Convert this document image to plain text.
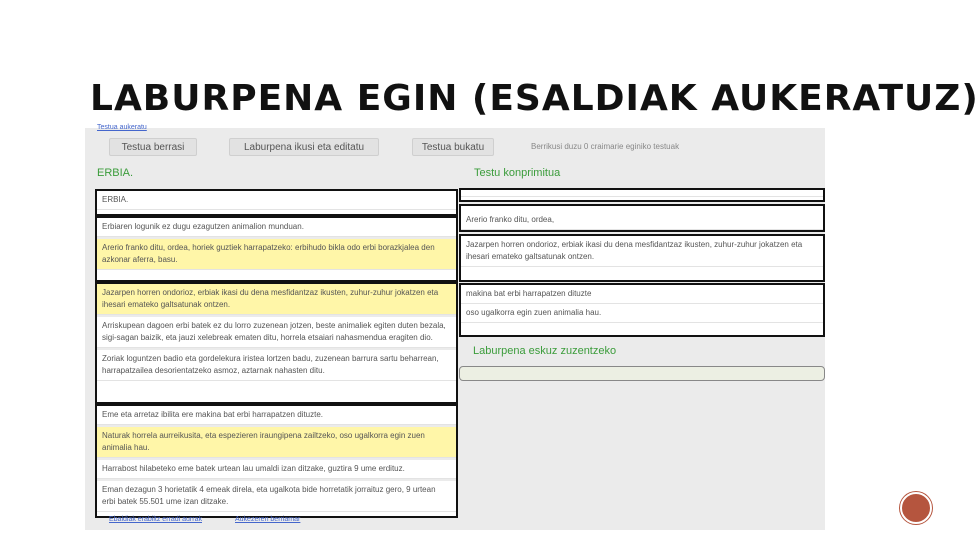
LABURPENA EGIN (ESALDIAK AUKERATUZ)
Testua aukeratu
Testua berrasi	Laburpena ikusi eta editatu	Testua bukatu	Berrikusi duzu 0 craimarie eginiko testuak
ERBIA.	Testu konprimitua
ERBIA.
Erbiaren logunik ez dugu ezagutzen animalion munduan.
Arerio franko ditu, ordea, horiek guztiek harrapatzeko: erbihudo bikla odo erbi borazkjalea den azkonar aferra, basu.
Jazarpen horren ondorioz, erbiak ikasi du dena mesfidantzaz ikusten, zuhur-zuhur jokatzen eta ihesari emateko galtsatunak ontzen.
Arriskupean dagoen erbi batek ez du lorro zuzenean jotzen, beste animaliek egiten duten bezala, sigi-sagan baizik, eta jauzi xelebreak ematen ditu, horrela etsaiari nahasmendua eragiten dio.
Zoriak loguntzen badio eta gordelekura iristea lortzen badu, zuzenean barrura sartu beharrean, harrapatzailea desorientatzeko asmoz, aztarnak nahasten ditu.
Eme eta arretaz ibilita ere makina bat erbi harrapatzen dituzte.
Naturak horrela aurreikusita, eta espezieren iraungipena zailtzeko, oso ugalkorra egin zuen animalia hau.
Harrabost hilabeteko eme batek urtean lau umaldi izan ditzake, guztira 9 ume erdituz.
Eman dezagun 3 horietatik 4 emeak direla, eta ugalkota bide horretatik jorraituz gero, 9 urtean erbi batek 55.501 ume izan ditzake.
Arerio franko ditu, ordea,
Jazarpen horren ondorioz, erbiak ikasi du dena mesfidantzaz ikusten, zuhur-zuhur jokatzen eta ihesari emateko galtsatunak ontzen.
makina bat erbi harrapatzen dituzte
oso ugalkorra egin zuen animalia hau.
Laburpena eskuz zuzentzeko
Ebaldiak erabiltz erradi aurrak	Aukezeren berriamar
